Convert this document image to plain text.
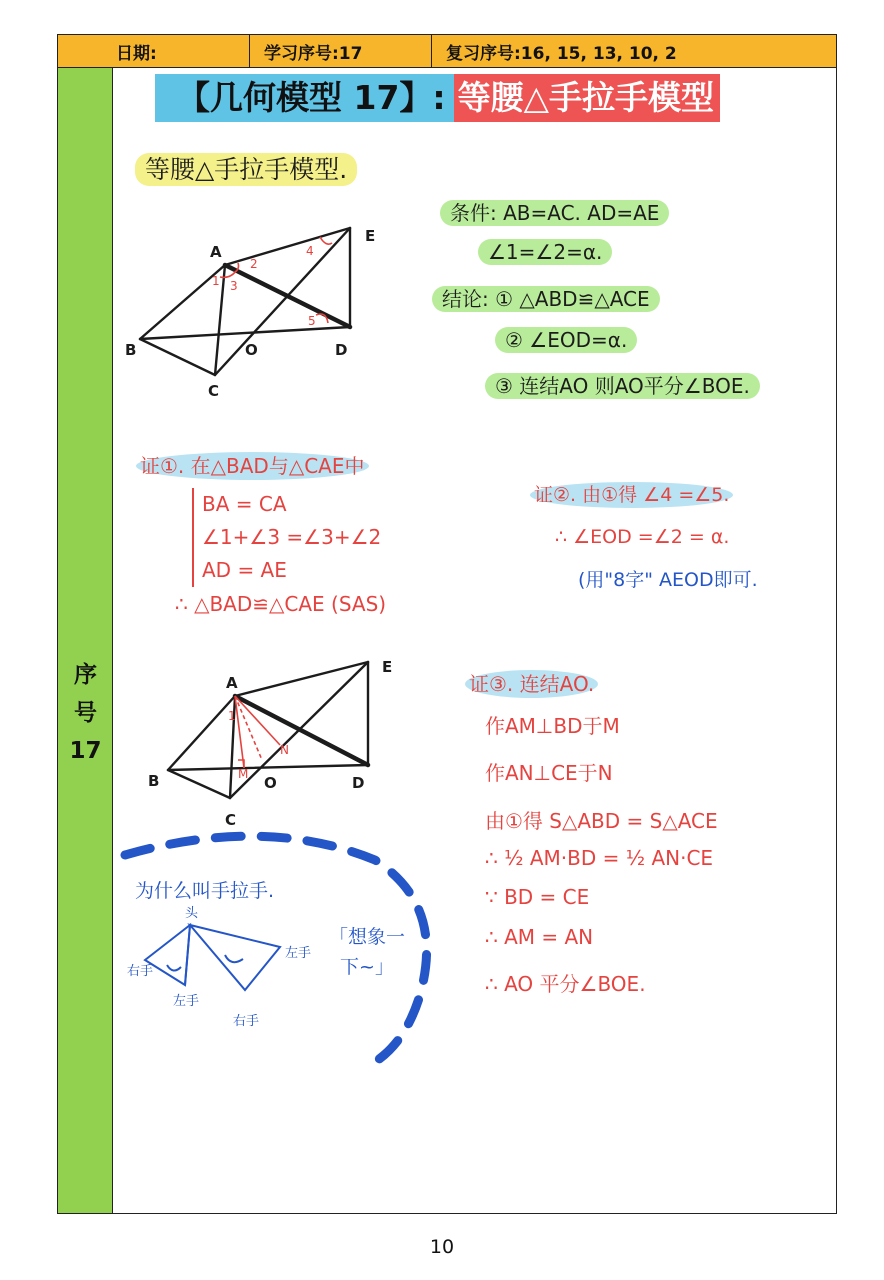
日期:	学习序号:17	复习序号:16, 15, 13, 10, 2
序
号
17
【几何模型 17】: 等腰△手拉手模型
等腰△手拉手模型.
条件: AB=AC. AD=AE
∠1=∠2=α.
结论: ① △ABD≌△ACE
② ∠EOD=α.
③ 连结AO 则AO平分∠BOE.
1
2
3
4
5
A
E
B
C
O	D
证①. 在△BAD与△CAE中
BA = CA
∠1+∠3 =∠3+∠2
AD = AE
∴ △BAD≌△CAE (SAS)
证②. 由①得 ∠4 =∠5.
∴ ∠EOD =∠2 = α.
(用"8字" AEOD即可.
1
N
M
A
E
B
C
O	D
证③. 连结AO.
作AM⊥BD于M
作AN⊥CE于N
由①得 S△ABD = S△ACE
∴ ½ AM·BD = ½ AN·CE
∵ BD = CE
∴ AM = AN
∴ AO 平分∠BOE.
为什么叫手拉手.
「想象一下~」
头
右手
左手
右手
左手
10
